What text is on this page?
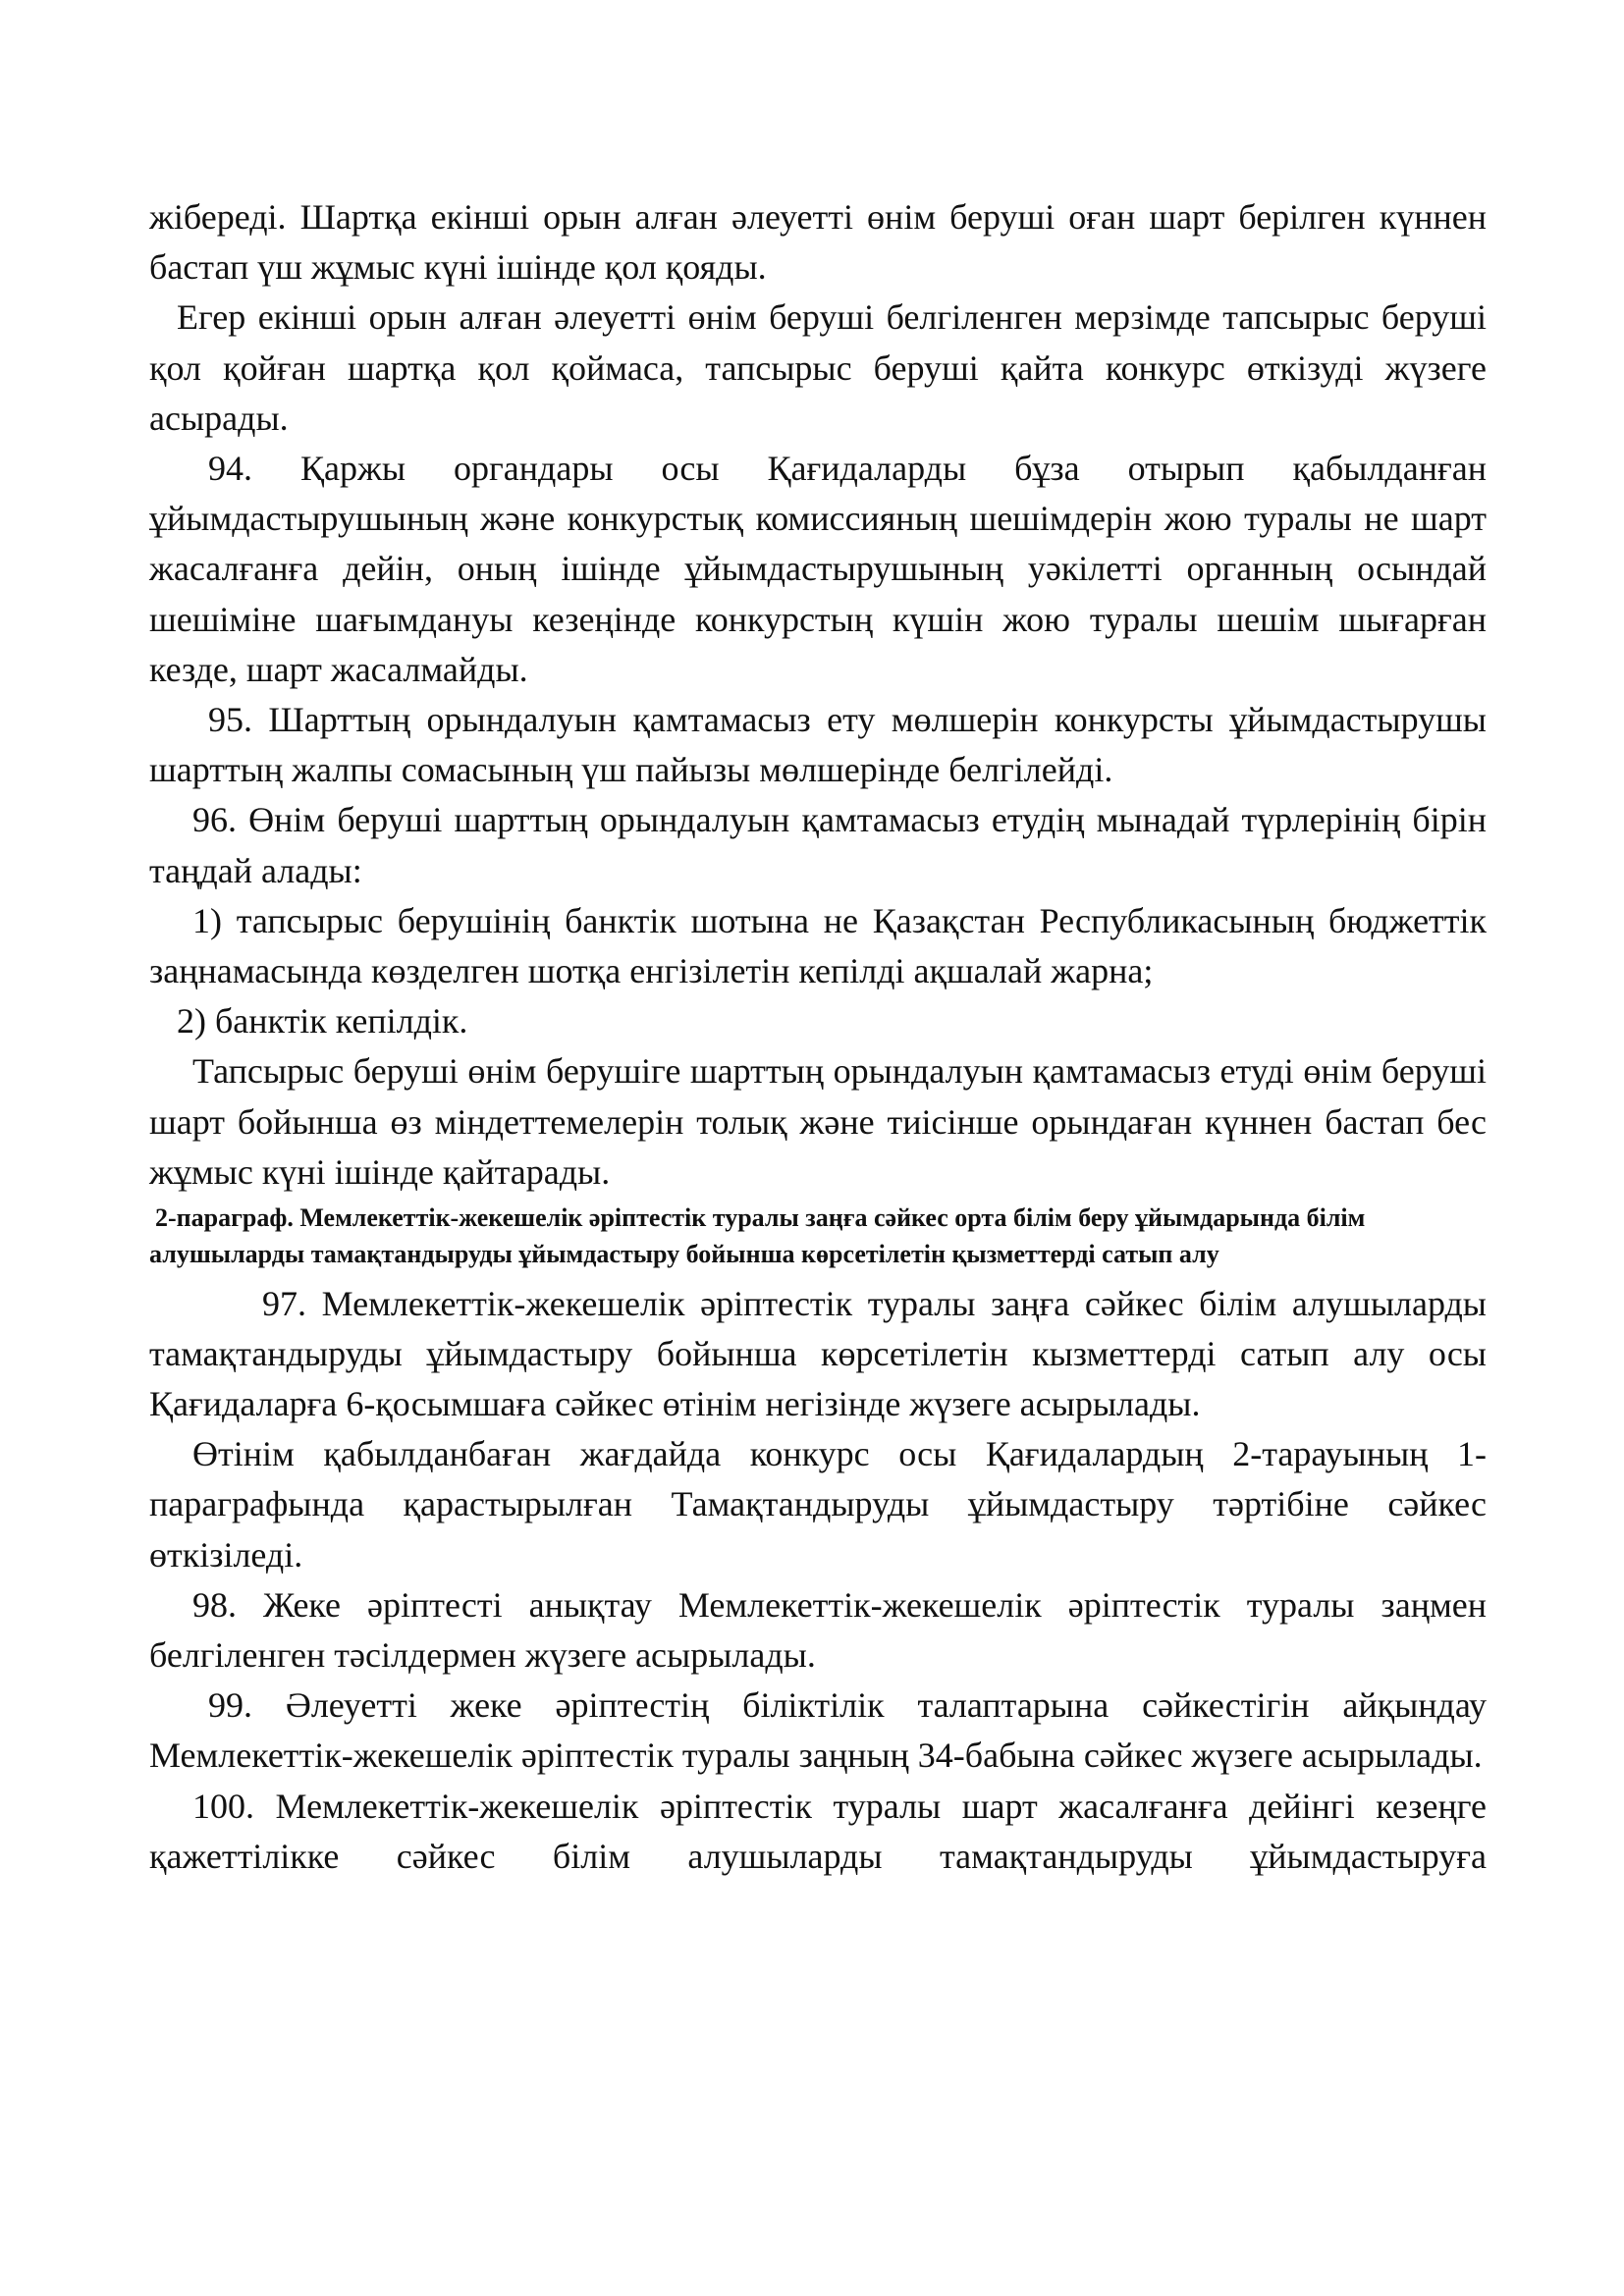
жібереді. Шартқа екінші орын алған әлеуетті өнім беруші оған шарт берілген күннен бастап үш жұмыс күні ішінде қол қояды.

Егер екінші орын алған әлеуетті өнім беруші белгіленген мерзімде тапсырыс беруші қол қойған шартқа қол қоймаса, тапсырыс беруші қайта конкурс өткізуді жүзеге асырады.

94. Қаржы органдары осы Қағидаларды бұза отырып қабылданған ұйымдастырушының және конкурстық комиссияның шешімдерін жою туралы не шарт жасалғанға дейін, оның ішінде ұйымдастырушының уәкілетті органның осындай шешіміне шағымдануы кезеңінде конкурстың күшін жою туралы шешім шығарған кезде, шарт жасалмайды.

95. Шарттың орындалуын қамтамасыз ету мөлшерін конкурсты ұйымдастырушы шарттың жалпы сомасының үш пайызы мөлшерінде белгілейді.

96. Өнім беруші шарттың орындалуын қамтамасыз етудің мынадай түрлерінің бірін таңдай алады:

1) тапсырыс берушінің банктік шотына не Қазақстан Республикасының бюджеттік заңнамасында көзделген шотқа енгізілетін кепілді ақшалай жарна;

2) банктік кепілдік.

Тапсырыс беруші өнім берушіге шарттың орындалуын қамтамасыз етуді өнім беруші шарт бойынша өз міндеттемелерін толық және тиісінше орындаған күннен бастап бес жұмыс күні ішінде қайтарады.

2-параграф. Мемлекеттік-жекешелік әріптестік туралы заңға сәйкес орта білім беру ұйымдарында білім алушыларды тамақтандыруды ұйымдастыру бойынша көрсетілетін қызметтерді сатып алу

97. Мемлекеттік-жекешелік әріптестік туралы заңға сәйкес білім алушыларды тамақтандыруды ұйымдастыру бойынша көрсетілетін кызметтерді сатып алу осы Қағидаларға 6-қосымшаға сәйкес өтінім негізінде жүзеге асырылады.

Өтінім қабылданбаған жағдайда конкурс осы Қағидалардың 2-тарауының 1-параграфында қарастырылған Тамақтандыруды ұйымдастыру тәртібіне сәйкес өткізіледі.

98. Жеке әріптесті анықтау Мемлекеттік-жекешелік әріптестік туралы заңмен белгіленген тәсілдермен жүзеге асырылады.

99. Әлеуетті жеке әріптестің біліктілік талаптарына сәйкестігін айқындау Мемлекеттік-жекешелік әріптестік туралы заңның 34-бабына сәйкес жүзеге асырылады.

100. Мемлекеттік-жекешелік әріптестік туралы шарт жасалғанға дейінгі кезеңге қажеттілікке сәйкес білім алушыларды тамақтандыруды ұйымдастыруға
